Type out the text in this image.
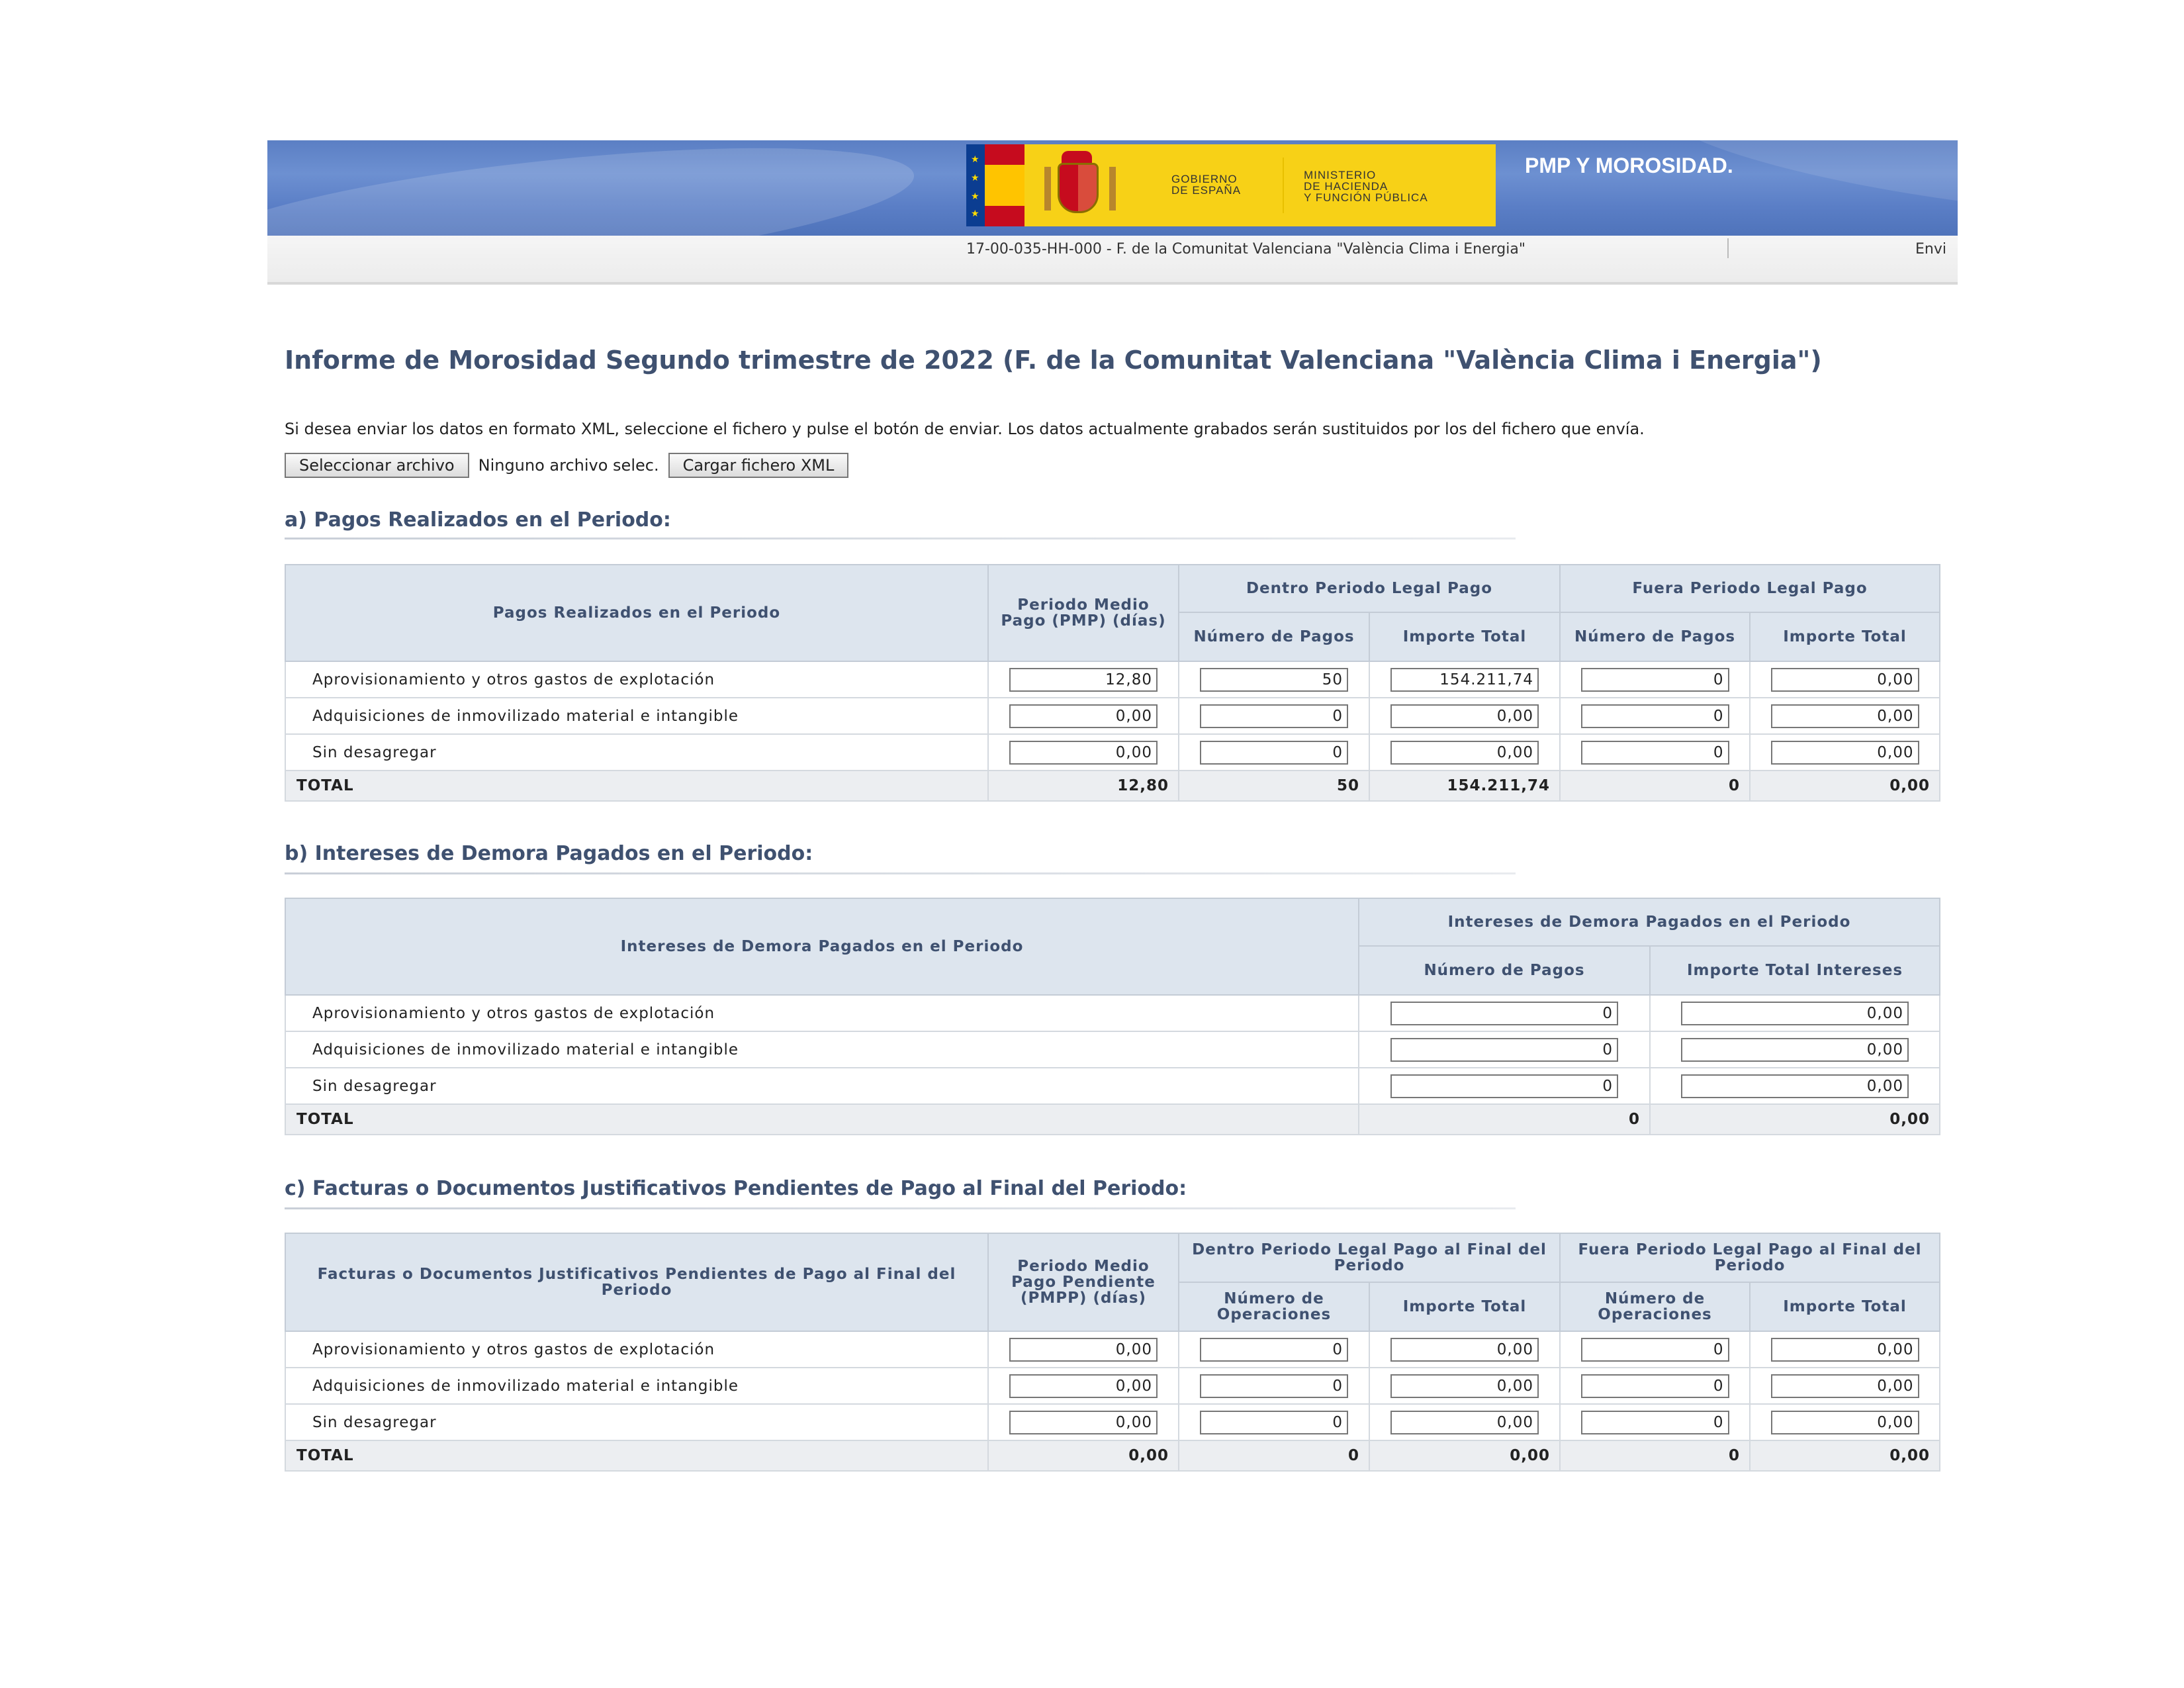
★
★
★
★
GOBIERNO
DE ESPAÑA
MINISTERIO
DE HACIENDA
Y FUNCIÓN PÚBLICA
PMP Y MOROSIDAD.
17-00-035-HH-000 - F. de la Comunitat Valenciana "València Clima i Energia"	Envi
Informe de Morosidad Segundo trimestre de 2022 (F. de la Comunitat Valenciana "València Clima i Energia")
Si desea enviar los datos en formato XML, seleccione el fichero y pulse el botón de enviar. Los datos actualmente grabados serán sustituidos por los del fichero que envía.
Seleccionar archivo	Ninguno archivo selec.	Cargar fichero XML
a) Pagos Realizados en el Periodo:
Pagos Realizados en el Periodo	Periodo Medio Pago (PMP) (días)	Dentro Periodo Legal Pago		Fuera Periodo Legal Pago	
		Número de Pagos	Importe Total	Número de Pagos	Importe Total
Aprovisionamiento y otros gastos de explotación	12,80	50	154.211,74	0	0,00
Adquisiciones de inmovilizado material e intangible	0,00	0	0,00	0	0,00
Sin desagregar	0,00	0	0,00	0	0,00
TOTAL	12,80	50	154.211,74	0	0,00
b) Intereses de Demora Pagados en el Periodo:
Intereses de Demora Pagados en el Periodo	Intereses de Demora Pagados en el Periodo	
	Número de Pagos	Importe Total Intereses
Aprovisionamiento y otros gastos de explotación	0	0,00
Adquisiciones de inmovilizado material e intangible	0	0,00
Sin desagregar	0	0,00
TOTAL	0	0,00
c) Facturas o Documentos Justificativos Pendientes de Pago al Final del Periodo:
Facturas o Documentos Justificativos Pendientes de Pago al Final del Periodo	Periodo Medio Pago Pendiente (PMPP) (días)	Dentro Periodo Legal Pago al Final del Periodo		Fuera Periodo Legal Pago al Final del Periodo	
		Número de Operaciones	Importe Total	Número de Operaciones	Importe Total
Aprovisionamiento y otros gastos de explotación	0,00	0	0,00	0	0,00
Adquisiciones de inmovilizado material e intangible	0,00	0	0,00	0	0,00
Sin desagregar	0,00	0	0,00	0	0,00
TOTAL	0,00	0	0,00	0	0,00
